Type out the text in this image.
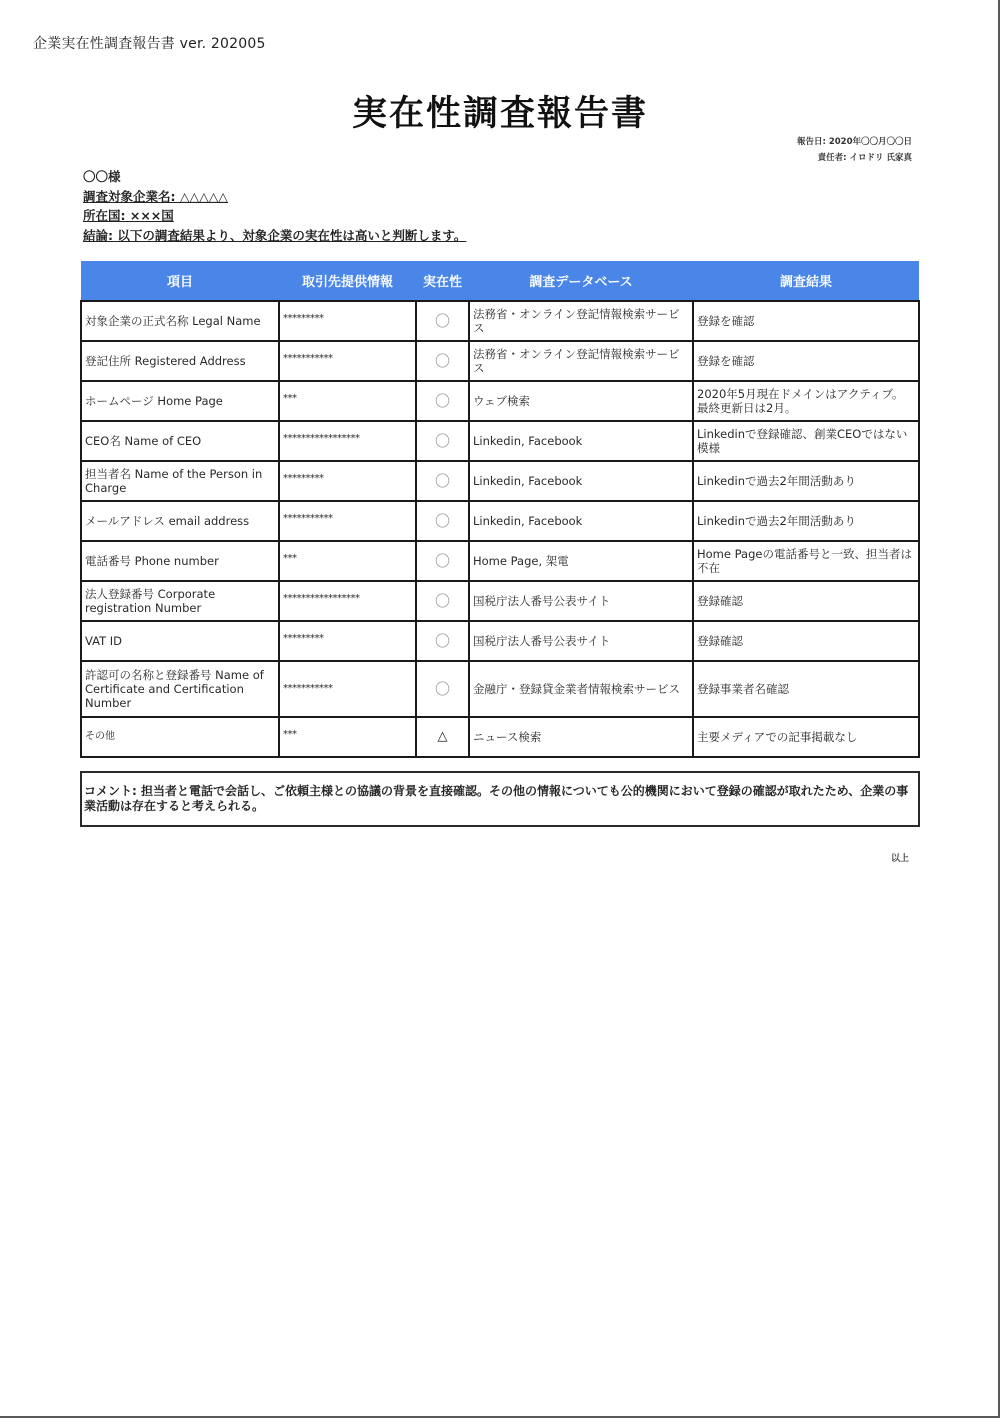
企業実在性調査報告書 ver. 202005
実在性調査報告書
報告日: 2020年〇〇月〇〇日
責任者: イロドリ 氏家真
〇〇様
調査対象企業名: △△△△△
所在国: ×××国
結論: 以下の調査結果より、対象企業の実在性は高いと判断します。
項目	取引先提供情報	実在性	調査データベース	調査結果
対象企業の正式名称 Legal Name	*********	〇	法務省・オンライン登記情報検索サービス	登録を確認
登記住所 Registered Address	***********	〇	法務省・オンライン登記情報検索サービス	登録を確認
ホームページ Home Page	***	〇	ウェブ検索	2020年5月現在ドメインはアクティブ。最終更新日は2月。
CEO名 Name of CEO	*****************	〇	Linkedin, Facebook	Linkedinで登録確認、創業CEOではない模様
担当者名 Name of the Person in Charge	*********	〇	Linkedin, Facebook	Linkedinで過去2年間活動あり
メールアドレス email address	***********	〇	Linkedin, Facebook	Linkedinで過去2年間活動あり
電話番号 Phone number	***	〇	Home Page, 架電	Home Pageの電話番号と一致、担当者は不在
法人登録番号 Corporate registration Number	*****************	〇	国税庁法人番号公表サイト	登録確認
VAT ID	*********	〇	国税庁法人番号公表サイト	登録確認
許認可の名称と登録番号 Name of Certificate and Certification Number	***********	〇	金融庁・登録貸金業者情報検索サービス	登録事業者名確認
その他	***	△	ニュース検索	主要メディアでの記事掲載なし
コメント: 担当者と電話で会話し、ご依頼主様との協議の背景を直接確認。その他の情報についても公的機関において登録の確認が取れたため、企業の事業活動は存在すると考えられる。
以上
